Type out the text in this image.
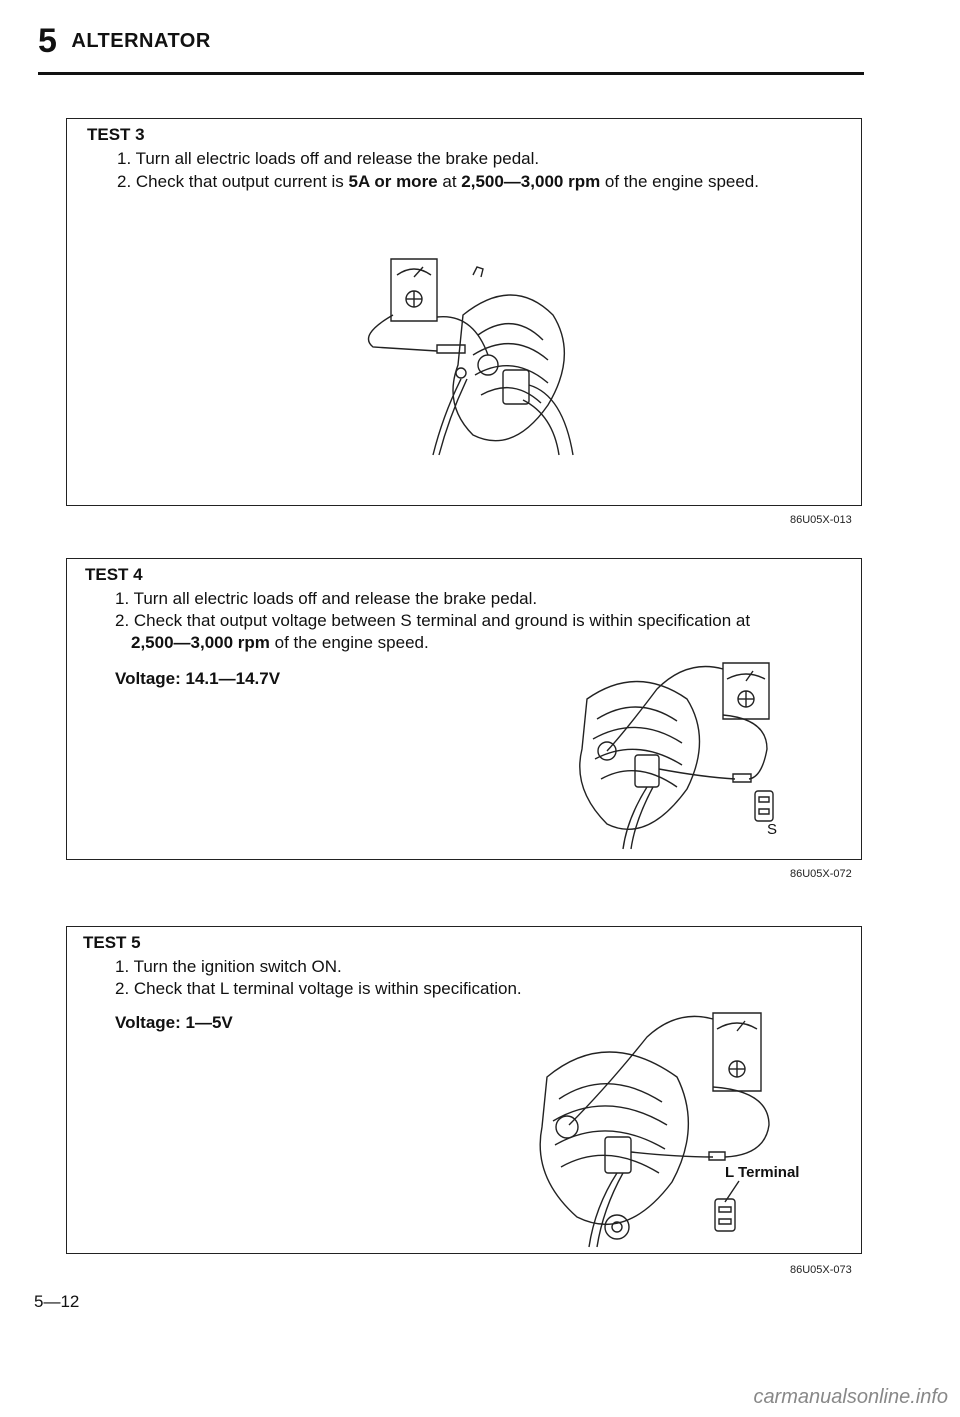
5 ALTERNATOR
TEST 3
1. Turn all electric loads off and release the brake pedal.
2. Check that output current is 5A or more at 2,500—3,000 rpm of the engine speed.
86U05X-013
TEST 4
1. Turn all electric loads off and release the brake pedal.
2. Check that output voltage between S terminal and ground is within specification at
2,500—3,000 rpm of the engine speed.
Voltage: 14.1—14.7V
S
86U05X-072
TEST 5
1. Turn the ignition switch ON.
2. Check that L terminal voltage is within specification.
Voltage: 1—5V
L Terminal
86U05X-073
5—12
carmanualsonline.info
